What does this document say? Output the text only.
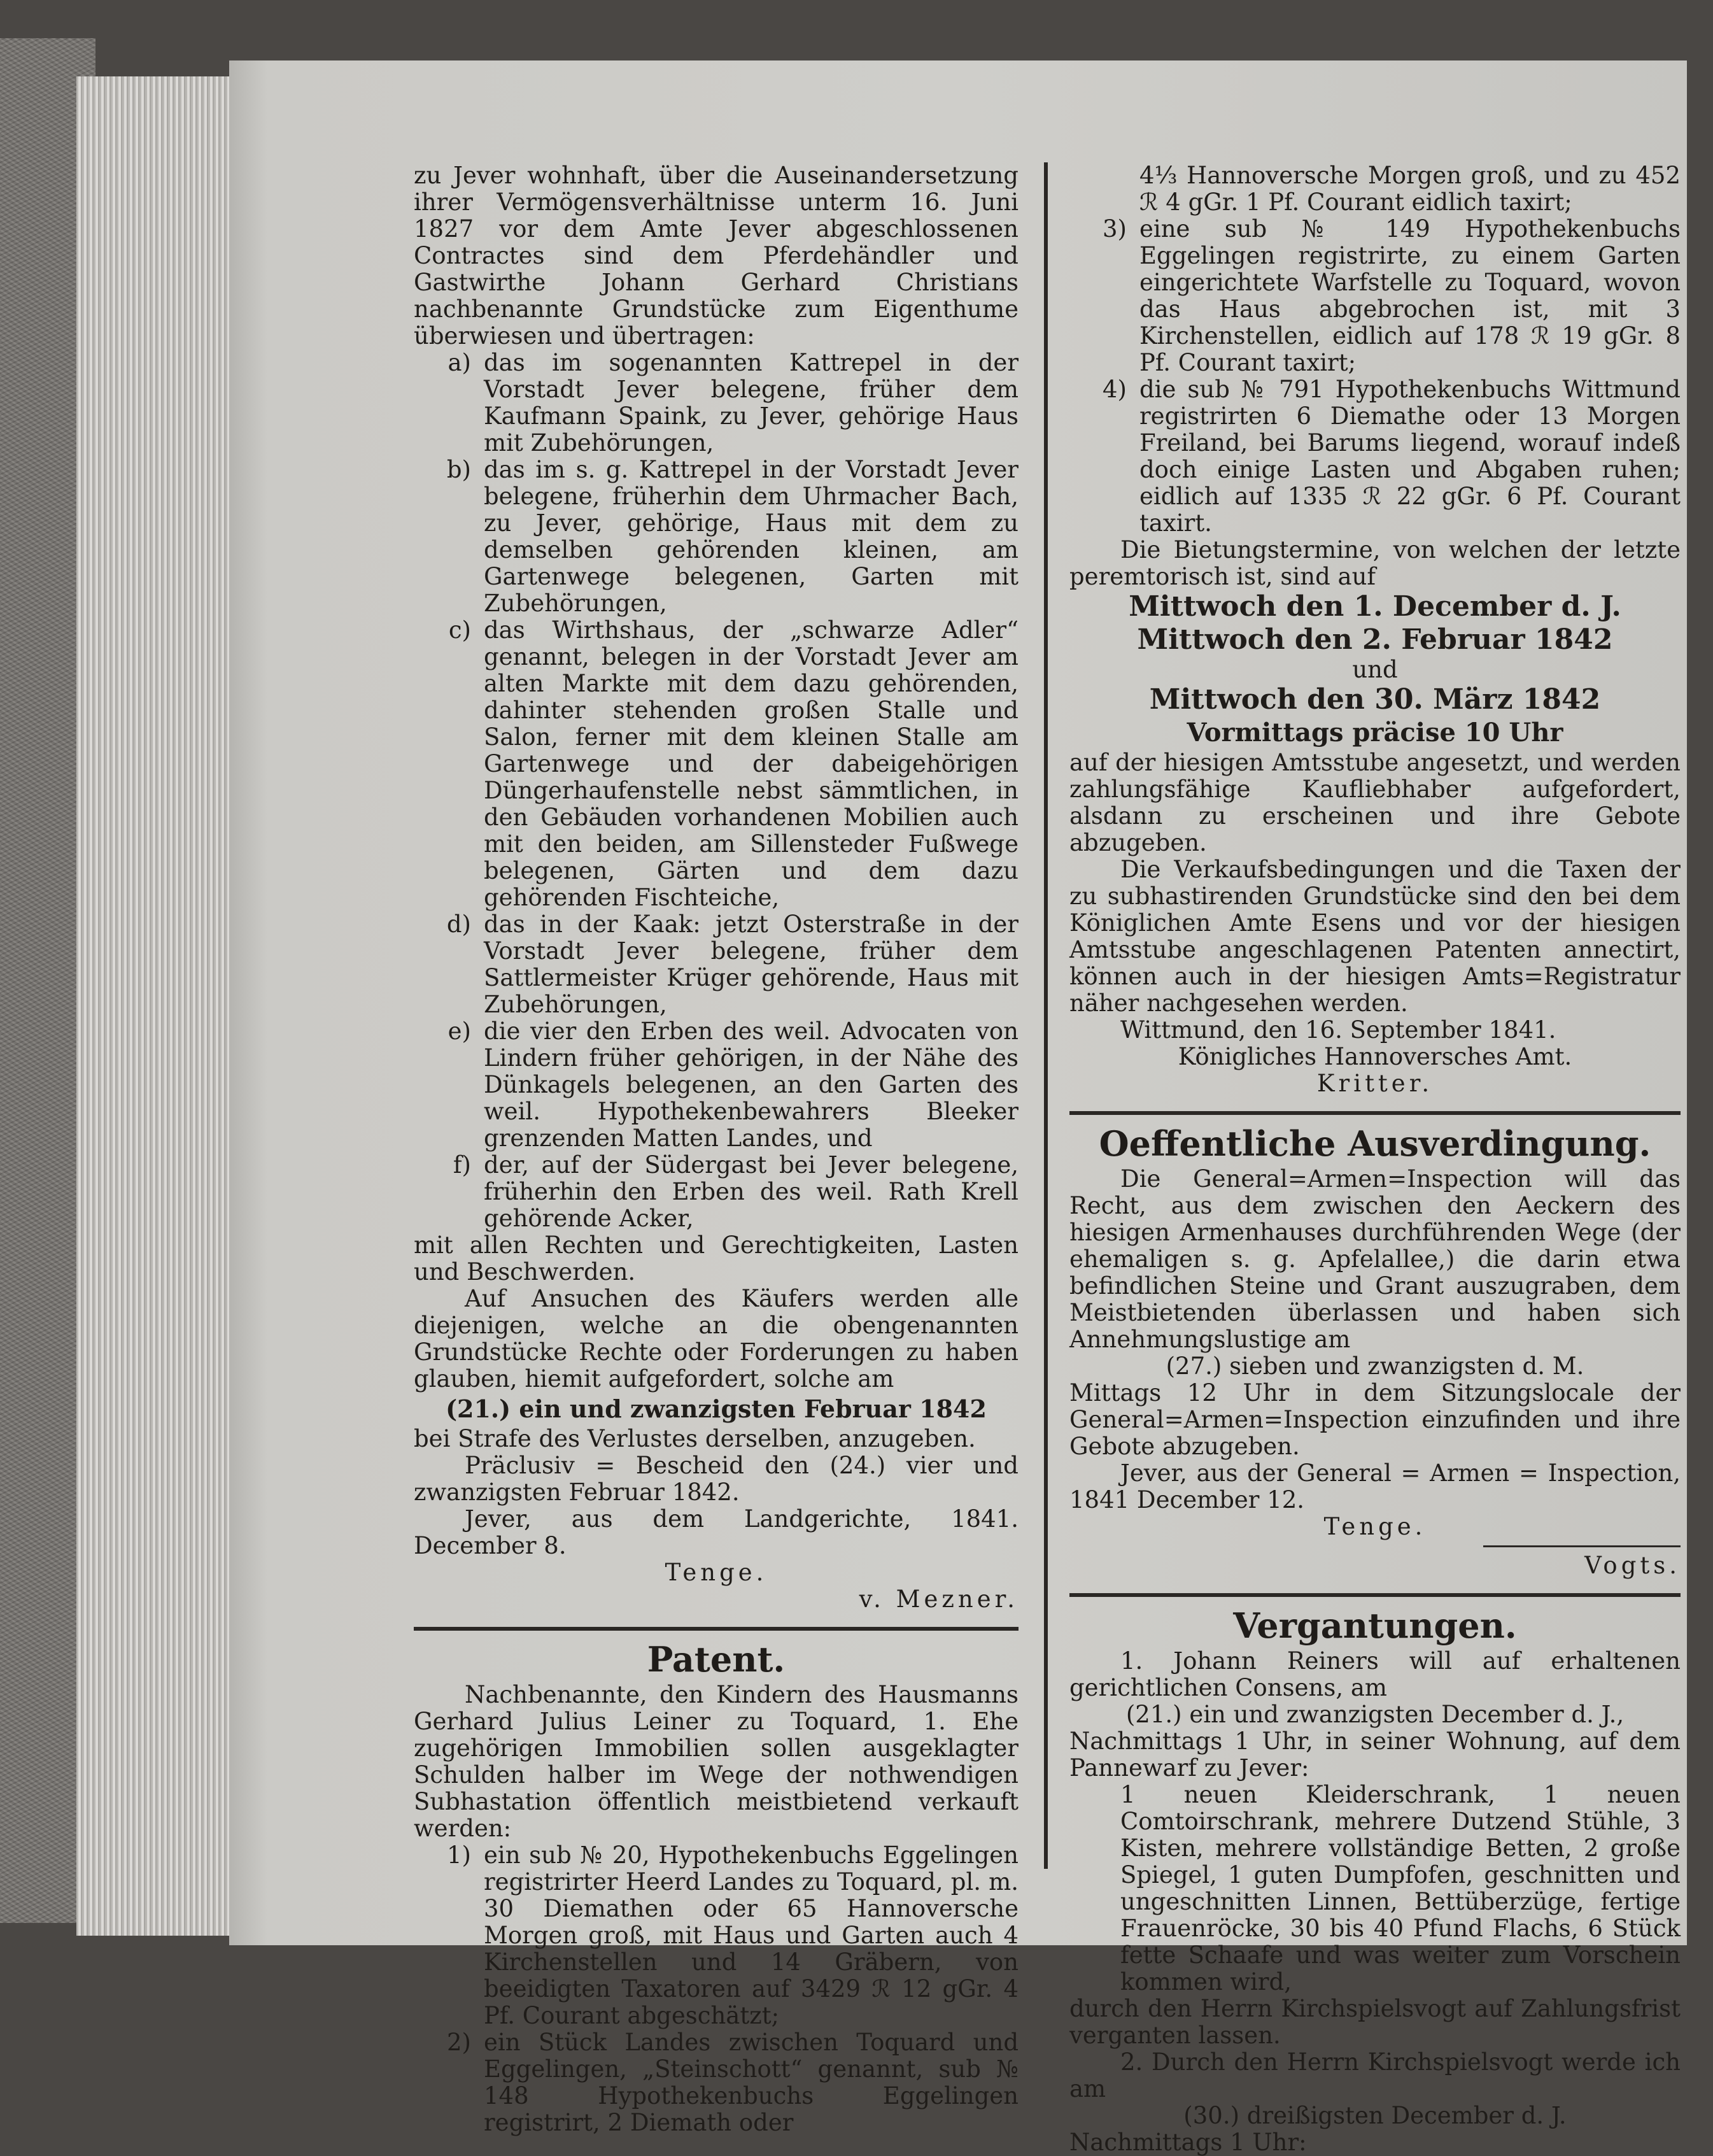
zu Jever wohnhaft, über die Auseinandersetzung ihrer Vermögensverhältnisse unterm 16. Juni 1827 vor dem Amte Jever abgeschlossenen Contractes sind dem Pferdehändler und Gastwirthe Johann Gerhard Christians nachbenannte Grundstücke zum Eigenthume überwiesen und übertragen:

a) das im sogenannten Kattrepel in der Vorstadt Jever belegene, früher dem Kaufmann Spaink, zu Jever, gehörige Haus mit Zubehörungen,
b) das im s. g. Kattrepel in der Vorstadt Jever belegene, früherhin dem Uhrmacher Bach, zu Jever, gehörige, Haus mit dem zu demselben gehörenden kleinen, am Gartenwege belegenen, Garten mit Zubehörungen,
c) das Wirthshaus, der „schwarze Adler“ genannt, belegen in der Vorstadt Jever am alten Markte mit dem dazu gehörenden, dahinter stehenden großen Stalle und Salon, ferner mit dem kleinen Stalle am Gartenwege und der dabeigehörigen Düngerhaufenstelle nebst sämmtlichen, in den Gebäuden vorhandenen Mobilien auch mit den beiden, am Sillensteder Fußwege belegenen, Gärten und dem dazu gehörenden Fischteiche,
d) das in der Kaak: jetzt Osterstraße in der Vorstadt Jever belegene, früher dem Sattlermeister Krüger gehörende, Haus mit Zubehörungen,
e) die vier den Erben des weil. Advocaten von Lindern früher gehörigen, in der Nähe des Dünkagels belegenen, an den Garten des weil. Hypothekenbewahrers Bleeker grenzenden Matten Landes, und
f) der, auf der Südergast bei Jever belegene, früherhin den Erben des weil. Rath Krell gehörende Acker,

mit allen Rechten und Gerechtigkeiten, Lasten und Beschwerden.

Auf Ansuchen des Käufers werden alle diejenigen, welche an die obengenannten Grundstücke Rechte oder Forderungen zu haben glauben, hiemit aufgefordert, solche am

(21.) ein und zwanzigsten Februar 1842

bei Strafe des Verlustes derselben, anzugeben.

Präclusiv = Bescheid den (24.) vier und zwanzigsten Februar 1842.

Jever, aus dem Landgerichte, 1841. December 8.

Tenge.

v. Mezner.

Patent.

Nachbenannte, den Kindern des Hausmanns Gerhard Julius Leiner zu Toquard, 1. Ehe zugehörigen Immobilien sollen ausgeklagter Schulden halber im Wege der nothwendigen Subhastation öffentlich meistbietend verkauft werden:

1) ein sub № 20, Hypothekenbuchs Eggelingen registrirter Heerd Landes zu Toquard, pl. m. 30 Diemathen oder 65 Hannoversche Morgen groß, mit Haus und Garten auch 4 Kirchenstellen und 14 Gräbern, von beeidigten Taxatoren auf 3429 ℛ 12 gGr. 4 Pf. Courant abgeschätzt;
2) ein Stück Landes zwischen Toquard und Eggelingen, „Steinschott“ genannt, sub № 148 Hypothekenbuchs Eggelingen registrirt, 2 Diemath oder

4⅓ Hannoversche Morgen groß, und zu 452 ℛ 4 gGr. 1 Pf. Courant eidlich taxirt;

3) eine sub № 149 Hypothekenbuchs Eggelingen registrirte, zu einem Garten eingerichtete Warfstelle zu Toquard, wovon das Haus abgebrochen ist, mit 3 Kirchenstellen, eidlich auf 178 ℛ 19 gGr. 8 Pf. Courant taxirt;
4) die sub № 791 Hypothekenbuchs Wittmund registrirten 6 Diemathe oder 13 Morgen Freiland, bei Barums liegend, worauf indeß doch einige Lasten und Abgaben ruhen; eidlich auf 1335 ℛ 22 gGr. 6 Pf. Courant taxirt.

Die Bietungstermine, von welchen der letzte peremtorisch ist, sind auf

Mittwoch den 1. December d. J.

Mittwoch den 2. Februar 1842

und

Mittwoch den 30. März 1842

Vormittags präcise 10 Uhr

auf der hiesigen Amtsstube angesetzt, und werden zahlungsfähige Kaufliebhaber aufgefordert, alsdann zu erscheinen und ihre Gebote abzugeben.

Die Verkaufsbedingungen und die Taxen der zu subhastirenden Grundstücke sind den bei dem Königlichen Amte Esens und vor der hiesigen Amtsstube angeschlagenen Patenten annectirt, können auch in der hiesigen Amts=Registratur näher nachgesehen werden.

Wittmund, den 16. September 1841.

Königliches Hannoversches Amt.

Kritter.

Oeffentliche Ausverdingung.

Die General=Armen=Inspection will das Recht, aus dem zwischen den Aeckern des hiesigen Armenhauses durchführenden Wege (der ehemaligen s. g. Apfelallee,) die darin etwa befindlichen Steine und Grant auszugraben, dem Meistbietenden überlassen und haben sich Annehmungslustige am

(27.) sieben und zwanzigsten d. M.

Mittags 12 Uhr in dem Sitzungslocale der General=Armen=Inspection einzufinden und ihre Gebote abzugeben.

Jever, aus der General = Armen = Inspection, 1841 December 12.

Tenge.

Vogts.

Vergantungen.

1. Johann Reiners will auf erhaltenen gerichtlichen Consens, am

(21.) ein und zwanzigsten December d. J.,

Nachmittags 1 Uhr, in seiner Wohnung, auf dem Pannewarf zu Jever:

1 neuen Kleiderschrank, 1 neuen Comtoirschrank, mehrere Dutzend Stühle, 3 Kisten, mehrere vollständige Betten, 2 große Spiegel, 1 guten Dumpfofen, geschnitten und ungeschnitten Linnen, Bettüberzüge, fertige Frauenröcke, 30 bis 40 Pfund Flachs, 6 Stück fette Schaafe und was weiter zum Vorschein kommen wird,

durch den Herrn Kirchspielsvogt auf Zahlungsfrist verganten lassen.

2. Durch den Herrn Kirchspielsvogt werde ich am

(30.) dreißigsten December d. J.

Nachmittags 1 Uhr:
